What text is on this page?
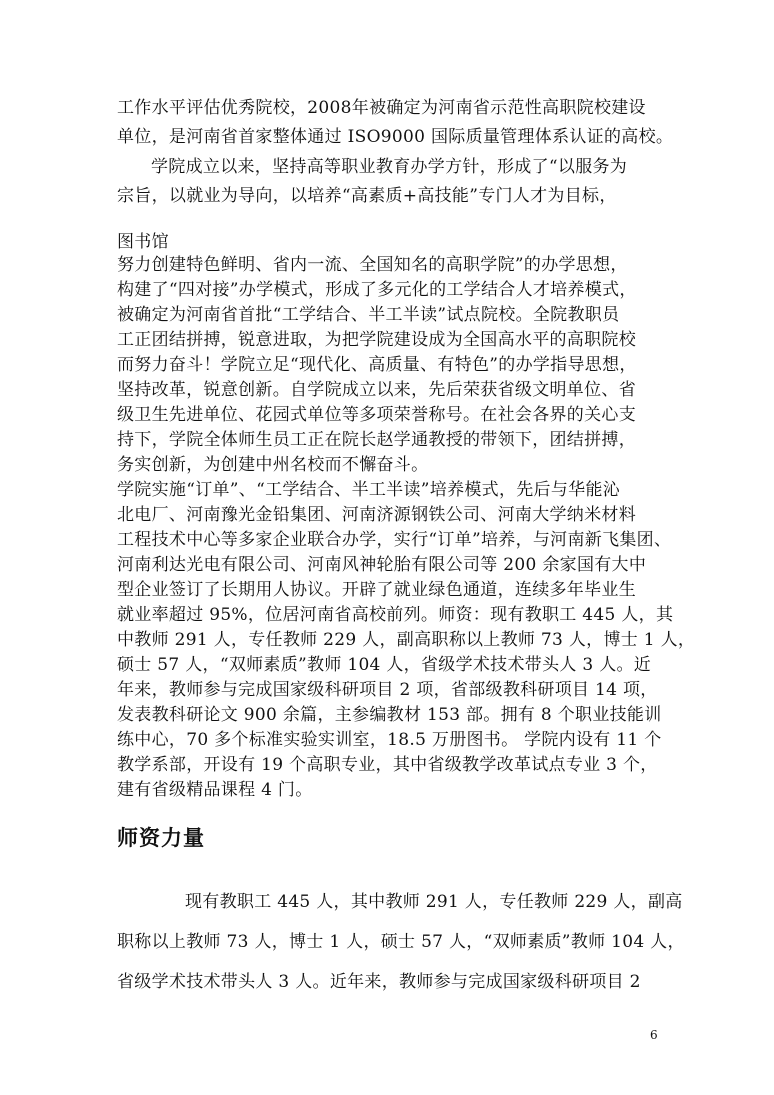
工作水平评估优秀院校，2008年被确定为河南省示范性高职院校建设
单位，是河南省首家整体通过 ISO9000 国际质量管理体系认证的高校。
学院成立以来，坚持高等职业教育办学方针，形成了“以服务为
宗旨，以就业为导向，以培养“高素质+高技能”专门人才为目标，
图书馆
努力创建特色鲜明、省内一流、全国知名的高职学院”的办学思想，
构建了“四对接”办学模式，形成了多元化的工学结合人才培养模式，
被确定为河南省首批“工学结合、半工半读”试点院校。全院教职员
工正团结拼搏，锐意进取，为把学院建设成为全国高水平的高职院校
而努力奋斗！学院立足“现代化、高质量、有特色”的办学指导思想，
坚持改革，锐意创新。自学院成立以来，先后荣获省级文明单位、省
级卫生先进单位、花园式单位等多项荣誉称号。在社会各界的关心支
持下，学院全体师生员工正在院长赵学通教授的带领下，团结拼搏，
务实创新，为创建中州名校而不懈奋斗。
学院实施“订单”、“工学结合、半工半读”培养模式，先后与华能沁
北电厂、河南豫光金铅集团、河南济源钢铁公司、河南大学纳米材料
工程技术中心等多家企业联合办学，实行“订单”培养，与河南新飞集团、
河南利达光电有限公司、河南风神轮胎有限公司等 200 余家国有大中
型企业签订了长期用人协议。开辟了就业绿色通道，连续多年毕业生
就业率超过 95%，位居河南省高校前列。师资：现有教职工 445 人，其
中教师 291 人，专任教师 229 人，副高职称以上教师 73 人，博士 1 人，
硕士 57 人，“双师素质”教师 104 人，省级学术技术带头人 3 人。近
年来，教师参与完成国家级科研项目 2 项，省部级教科研项目 14 项，
发表教科研论文 900 余篇，主参编教材 153 部。拥有 8 个职业技能训
练中心，70 多个标准实验实训室，18.5 万册图书。 学院内设有 11 个
教学系部，开设有 19 个高职专业，其中省级教学改革试点专业 3 个，
建有省级精品课程 4 门。
师资力量
现有教职工 445 人，其中教师 291 人，专任教师 229 人，副高
职称以上教师 73 人，博士 1 人，硕士 57 人，“双师素质”教师 104 人，
省级学术技术带头人 3 人。近年来，教师参与完成国家级科研项目 2
6
